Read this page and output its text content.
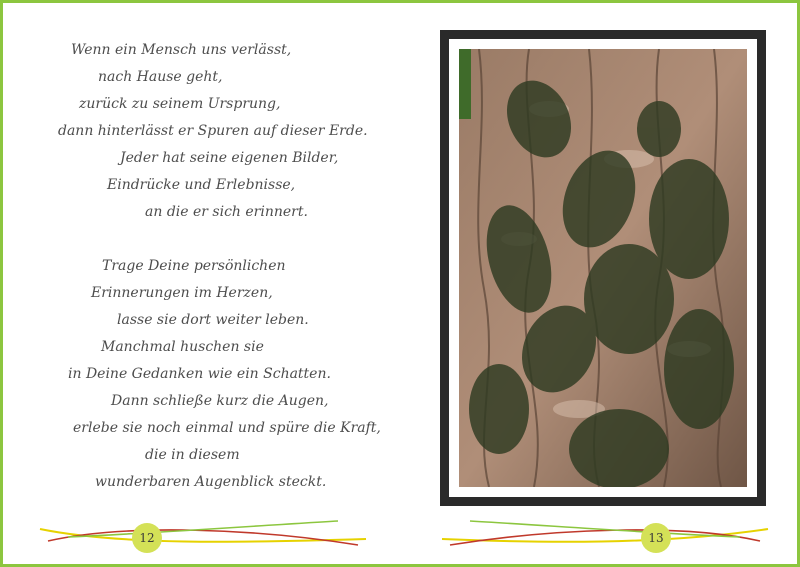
Wenn ein Mensch uns verlässt,
nach Hause geht,
zurück zu seinem Ursprung,
dann hinterlässt er Spuren auf dieser Erde.
Jeder hat seine eigenen Bilder,
Eindrücke und Erlebnisse,
an die er sich erinnert.
Trage Deine persönlichen
Erinnerungen im Herzen,
lasse sie dort weiter leben.
Manchmal huschen sie
in Deine Gedanken wie ein Schatten.
Dann schließe kurz die Augen,
erlebe sie noch einmal und spüre die Kraft,
die in diesem
wunderbaren Augenblick steckt.
12	13
